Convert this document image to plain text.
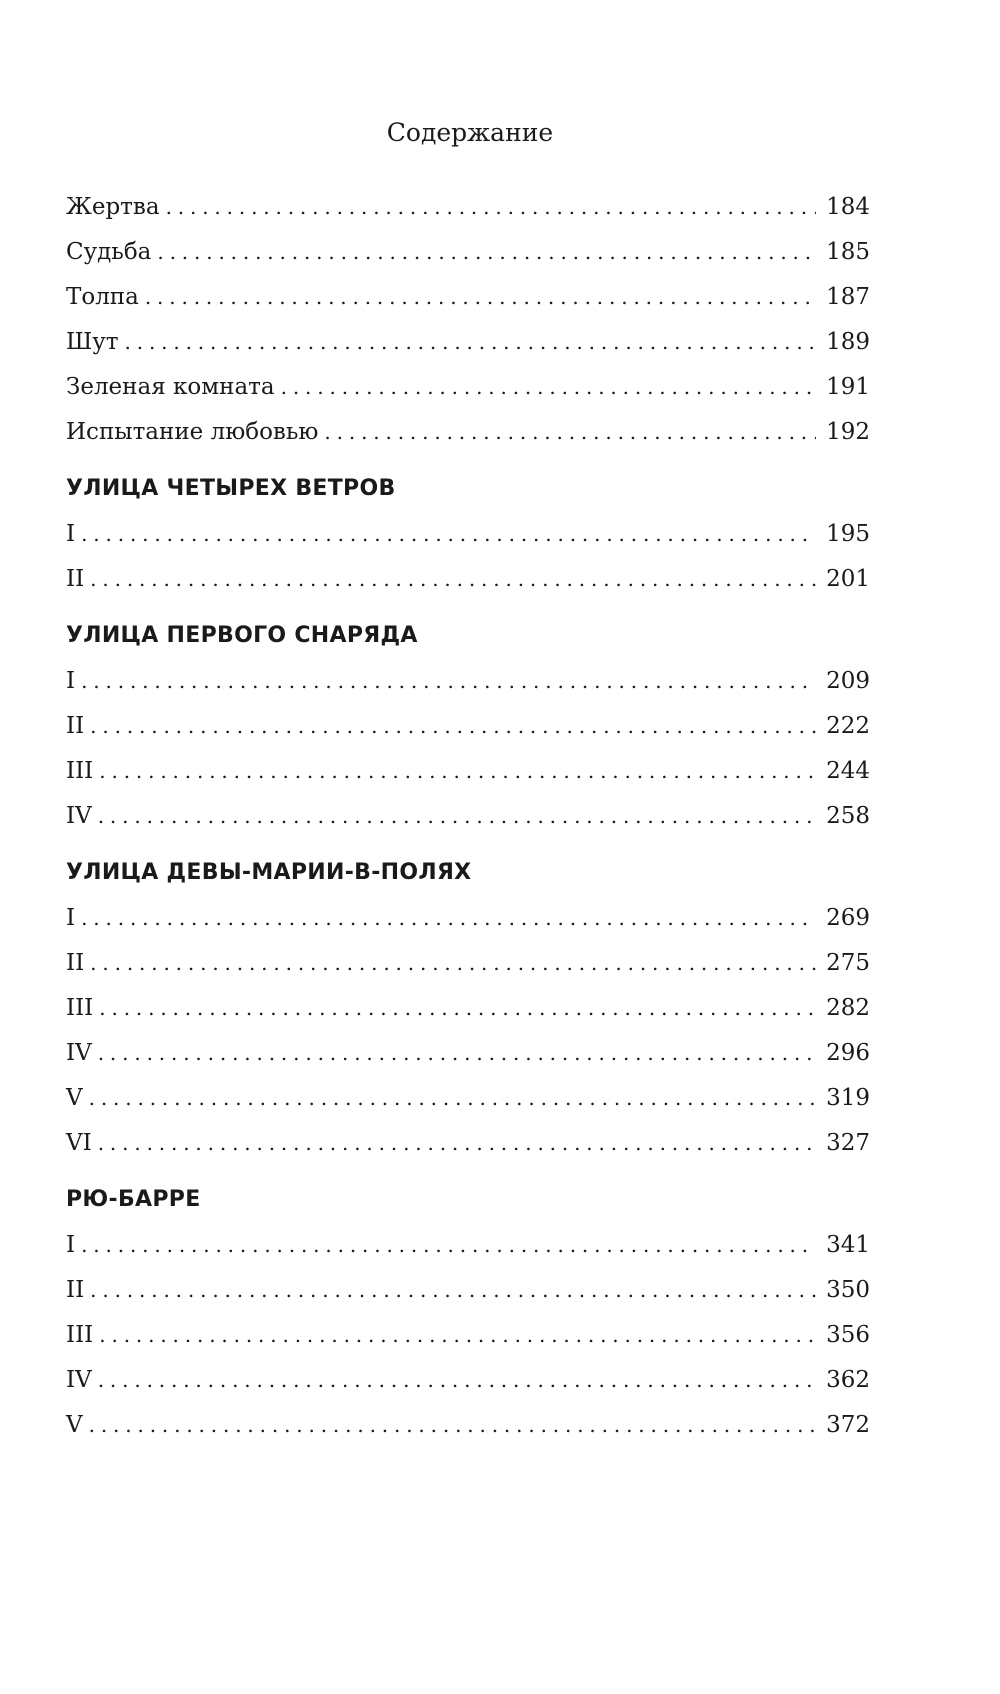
Содержание
Жертва . . .	184
Судьба . . .	185
Толпа . . .	187
Шут . . .	189
Зеленая комната . . .	191
Испытание любовью . . .	192
УЛИЦА ЧЕТЫРЕХ ВЕТРОВ
I . . .	195
II . . .	201
УЛИЦА ПЕРВОГО СНАРЯДА
I . . .	209
II . . .	222
III . . .	244
IV . . .	258
УЛИЦА ДЕВЫ-МАРИИ-В-ПОЛЯХ
I . . .	269
II . . .	275
III . . .	282
IV . . .	296
V . . .	319
VI . . .	327
РЮ-БАРРЕ
I . . .	341
II . . .	350
III . . .	356
IV . . .	362
V . . .	372
